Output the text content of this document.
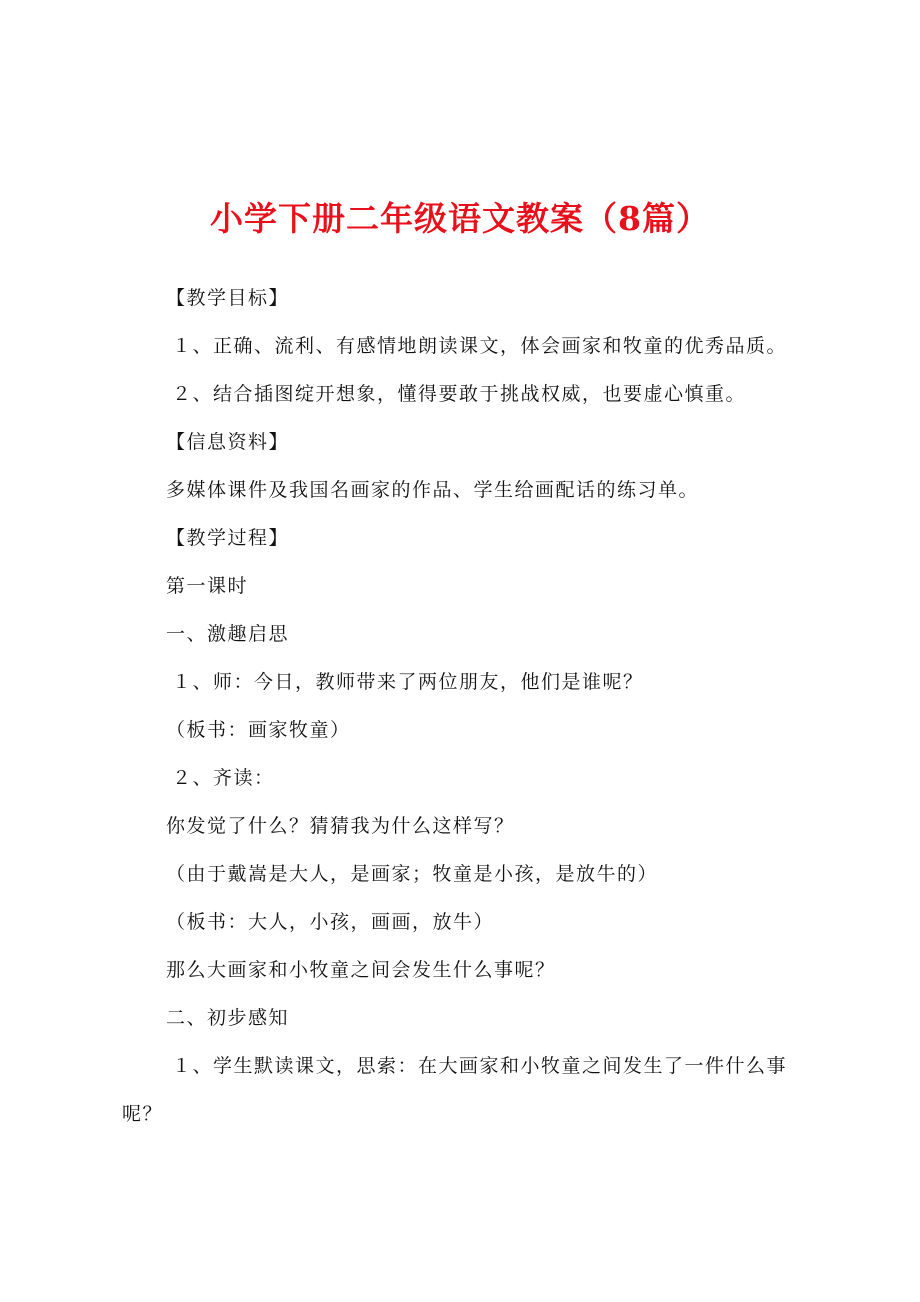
小学下册二年级语文教案（8篇）
【教学目标】
１、正确、流利、有感情地朗读课文，体会画家和牧童的优秀品质。
２、结合插图绽开想象，懂得要敢于挑战权威，也要虚心慎重。
【信息资料】
多媒体课件及我国名画家的作品、学生给画配话的练习单。
【教学过程】
第一课时
一、激趣启思
１、师：今日，教师带来了两位朋友，他们是谁呢？
（板书：画家牧童）
２、齐读：
你发觉了什么？猜猜我为什么这样写？
（由于戴嵩是大人，是画家；牧童是小孩，是放牛的）
（板书：大人，小孩，画画，放牛）
那么大画家和小牧童之间会发生什么事呢？
二、初步感知
１、学生默读课文，思索：在大画家和小牧童之间发生了一件什么事
呢？
